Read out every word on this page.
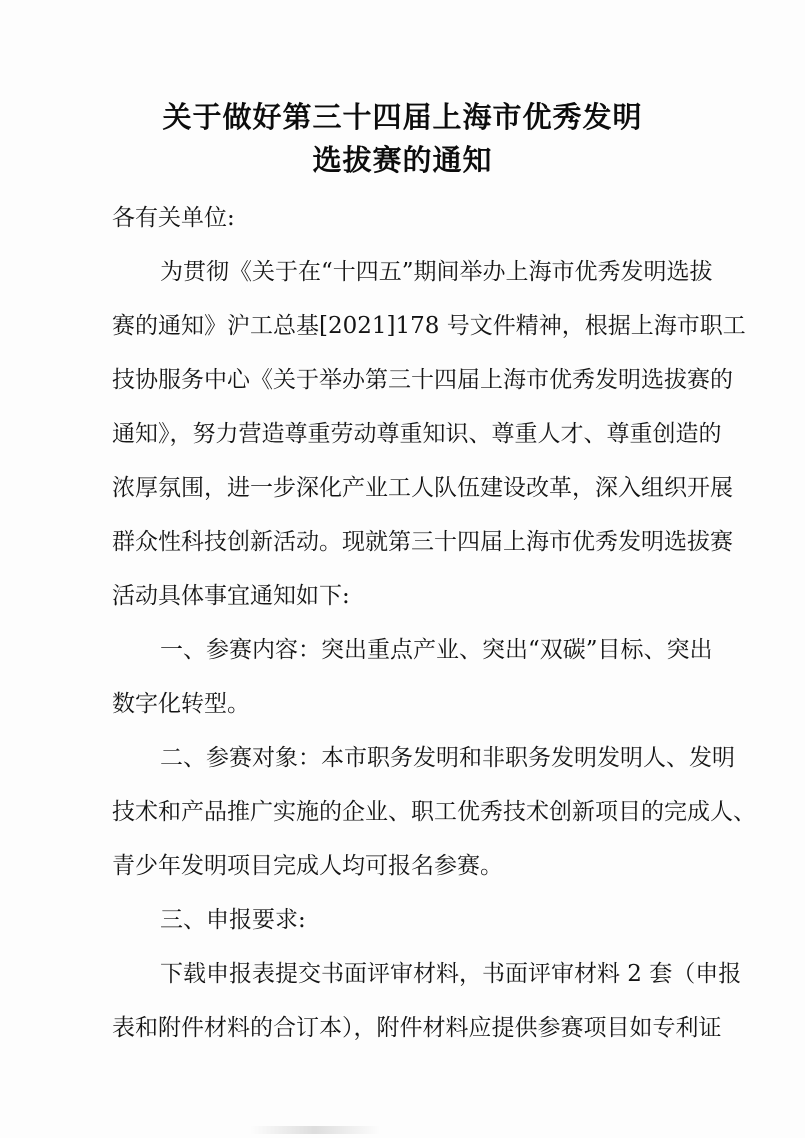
关于做好第三十四届上海市优秀发明
选拔赛的通知
各有关单位:
为贯彻《关于在“十四五”期间举办上海市优秀发明选拔
赛的通知》沪工总基[2021]178 号文件精神，根据上海市职工
技协服务中心《关于举办第三十四届上海市优秀发明选拔赛的
通知》，努力营造尊重劳动尊重知识、尊重人才、尊重创造的
浓厚氛围，进一步深化产业工人队伍建设改革，深入组织开展
群众性科技创新活动。现就第三十四届上海市优秀发明选拔赛
活动具体事宜通知如下:
一、参赛内容：突出重点产业、突出“双碳”目标、突出
数字化转型。
二、参赛对象：本市职务发明和非职务发明发明人、发明
技术和产品推广实施的企业、职工优秀技术创新项目的完成人、
青少年发明项目完成人均可报名参赛。
三、申报要求:
下载申报表提交书面评审材料，书面评审材料 2 套（申报
表和附件材料的合订本），附件材料应提供参赛项目如专利证
